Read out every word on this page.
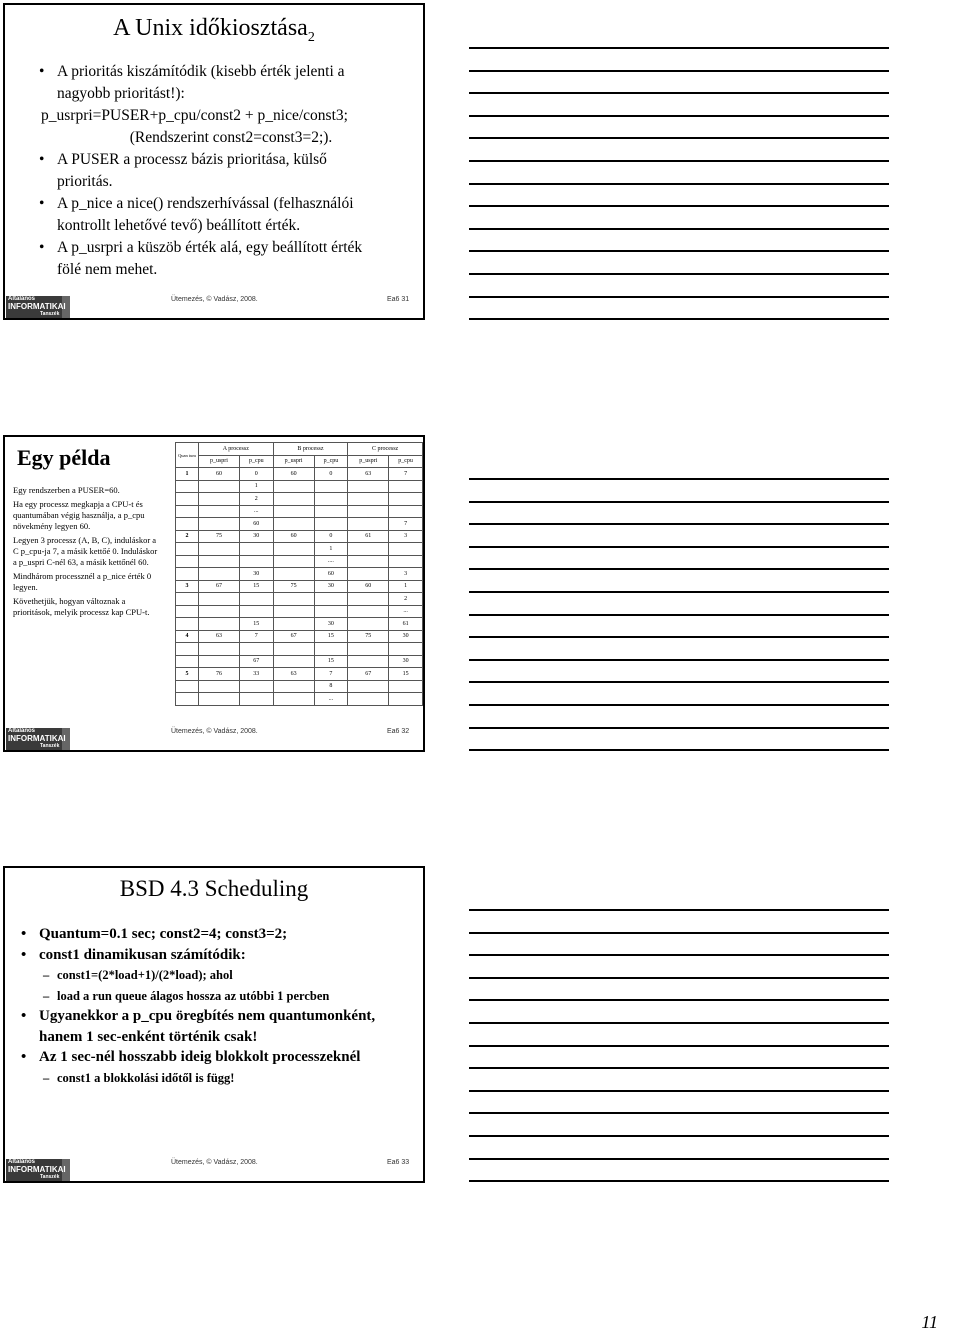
A Unix időkiosztása$_2$
• A prioritás kiszámítódik (kisebb érték jelenti a
nagyobb prioritást!):
p_usrpri=PUSER+p_cpu/const2 + p_nice/const3;
(Rendszerint const2=const3=2;).
• A PUSER a processz bázis prioritása, külső
prioritás.
• A p_nice a nice() rendszerhívással (felhasználói
kontrollt lehetővé tevő) beállított érték.
• A p_usrpri a küszöb érték alá, egy beállított érték
fölé nem mehet.
Ütemezés, © Vadász, 2008.	Ea6 31
Általános
INFORMATIKAI
Tanszék
Egy példa

Egy rendszerben a PUSER=60.

Ha egy processz megkapja a CPU-t és quantumában végig használja, a p_cpu növekmény legyen 60.

Legyen 3 processz (A, B, C), induláskor a C p_cpu-ja 7, a másik kettőé 0. Induláskor a p_uspri C-nél 63, a másik kettőnél 60.

Mindhárom processznél a p_nice érték 0 legyen.

Követhetjük, hogyan változnak a prioritások, melyik processz kap CPU-t.

Quan tum	A processz		B processz		C processz	
	p_uspri	p_cpu	p_uspri	p_cpu	p_uspri	p_cpu
1	60	0	60	0	63	7
		1				
		2				
		...				
		60				7
2	75	30	60	0	61	3
				1		
				....		
		30		60		3
3	67	15	75	30	60	1
						2
						...
		15		30		61
4	63	7	67	15	75	30

		67		15		30
5	76	33	63	7	67	15
				8		
				...		
Ütemezés, © Vadász, 2008.	Ea6 32
Általános
INFORMATIKAI
Tanszék
BSD 4.3 Scheduling
• Quantum=0.1 sec; const2=4; const3=2;
• const1 dinamikusan számítódik:
– const1=(2*load+1)/(2*load); ahol
– load a run queue álagos hossza az utóbbi 1 percben
• Ugyanekkor a p_cpu öregbítés nem quantumonként,
hanem 1 sec-enként történik csak!
• Az 1 sec-nél hosszabb ideig blokkolt processzeknél
– const1 a blokkolási időtől is függ!
Ütemezés, © Vadász, 2008.	Ea6 33
Általános
INFORMATIKAI
Tanszék
11
